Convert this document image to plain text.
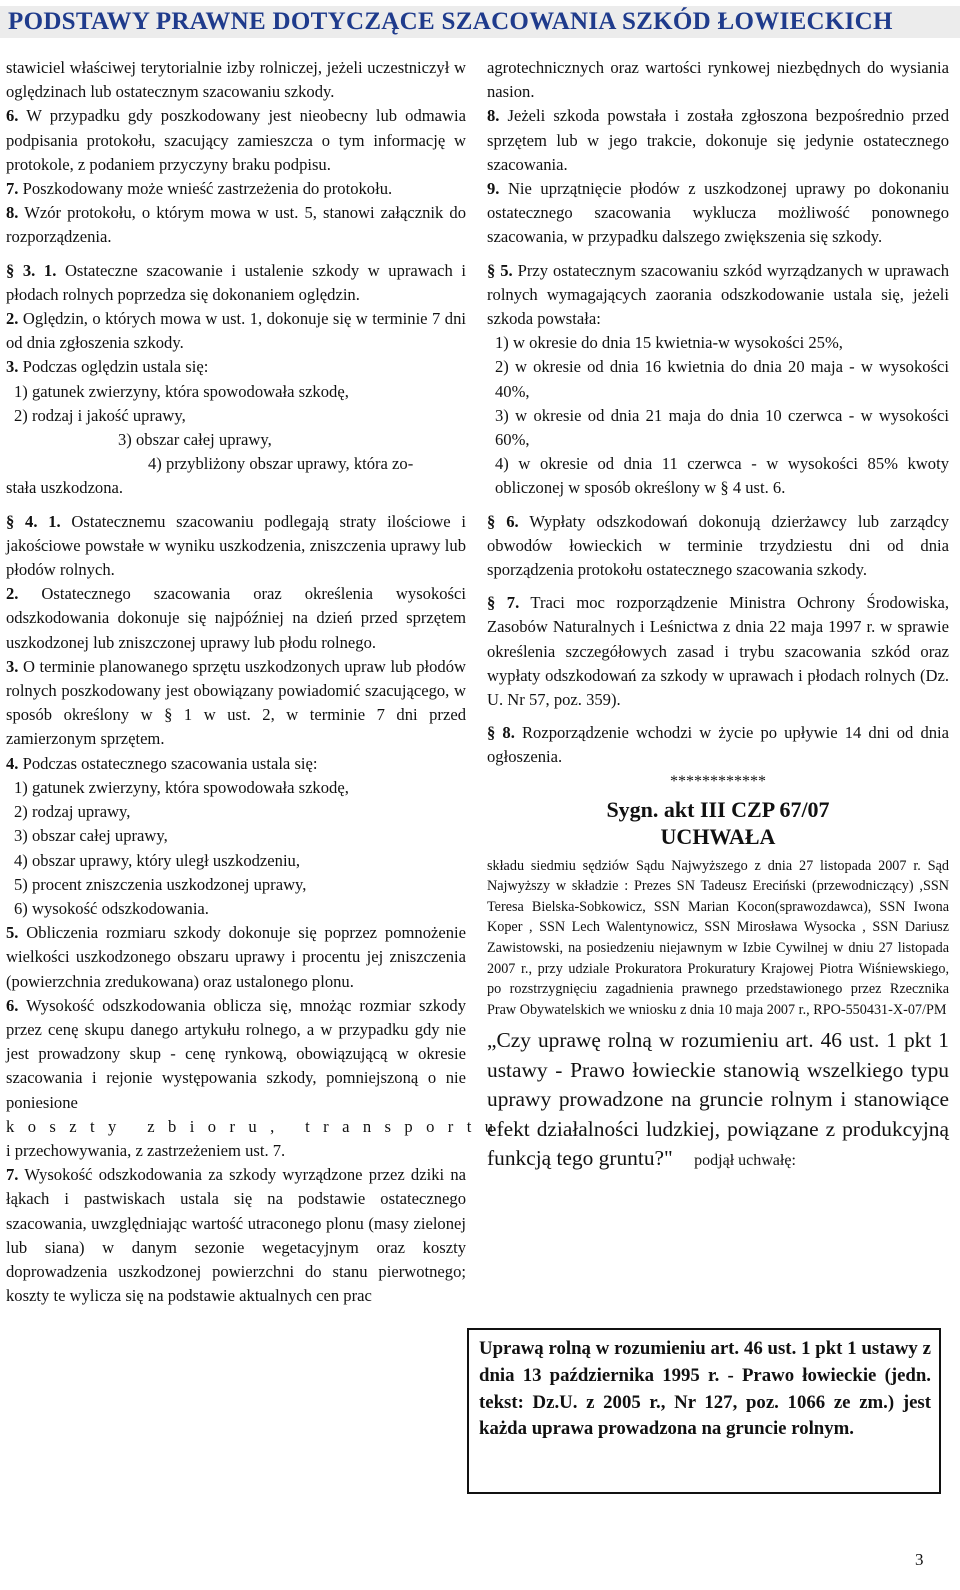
PODSTAWY PRAWNE DOTYCZĄCE SZACOWANIA SZKÓD ŁOWIECKICH

stawiciel właściwej terytorialnie izby rolniczej, jeżeli uczestniczył w oględzinach lub ostatecznym szacowaniu szkody.

6. W przypadku gdy poszkodowany jest nieobecny lub odmawia podpisania protokołu, szacujący zamieszcza o tym informację w protokole, z podaniem przyczyny braku podpisu.

7. Poszkodowany może wnieść zastrzeżenia do protokołu.

8. Wzór protokołu, o którym mowa w ust. 5, stanowi załącznik do rozporządzenia.

§ 3. 1. Ostateczne szacowanie i ustalenie szkody w uprawach i płodach rolnych poprzedza się dokonaniem oględzin.

2. Oględzin, o których mowa w ust. 1, dokonuje się w terminie 7 dni od dnia zgłoszenia szkody.

3. Podczas oględzin ustala się:

1) gatunek zwierzyny, która spowodowała szkodę,

2) rodzaj i jakość uprawy,

3) obszar całej uprawy,

4) przybliżony obszar uprawy, która zo-

stała uszkodzona.

§ 4. 1. Ostatecznemu szacowaniu podlegają straty ilościowe i jakościowe powstałe w wyniku uszkodzenia, zniszczenia uprawy lub płodów rolnych.

2. Ostatecznego szacowania oraz określenia wysokości odszkodowania dokonuje się najpóźniej na dzień przed sprzętem uszkodzonej lub zniszczonej uprawy lub płodu rolnego.

3. O terminie planowanego sprzętu uszkodzonych upraw lub płodów rolnych poszkodowany jest obowiązany powiadomić szacującego, w sposób określony w § 1 w ust. 2, w terminie 7 dni przed zamierzonym sprzętem.

4. Podczas ostatecznego szacowania ustala się:

1) gatunek zwierzyny, która spowodowała szkodę,

2) rodzaj uprawy,

3) obszar całej uprawy,

4) obszar uprawy, który uległ uszkodzeniu,

5) procent zniszczenia uszkodzonej uprawy,

6) wysokość odszkodowania.

5. Obliczenia rozmiaru szkody dokonuje się poprzez pomnożenie wielkości uszkodzonego obszaru uprawy i procentu jej zniszczenia (powierzchnia zredukowana) oraz ustalonego plonu.

6. Wysokość odszkodowania oblicza się, mnożąc rozmiar szkody przez cenę skupu danego artykułu rolnego, a w przypadku gdy nie jest prowadzony skup - cenę rynkową, obowiązującą w okresie szacowania i rejonie występowania szkody, pomniejszoną o nie poniesione

koszty zbioru, transportu

i przechowywania, z zastrzeżeniem ust. 7.

7. Wysokość odszkodowania za szkody wyrządzone przez dziki na łąkach i pastwiskach ustala się na podstawie ostatecznego szacowania, uwzględniając wartość utraconego plonu (masy zielonej lub siana) w danym sezonie wegetacyjnym oraz koszty doprowadzenia uszkodzonej powierzchni do stanu pierwotnego; koszty te wylicza się na podstawie aktualnych cen prac

agrotechnicznych oraz wartości rynkowej niezbędnych do wysiania nasion.

8. Jeżeli szkoda powstała i została zgłoszona bezpośrednio przed sprzętem lub w jego trakcie, dokonuje się jedynie ostatecznego szacowania.

9. Nie uprzątnięcie płodów z uszkodzonej uprawy po dokonaniu ostatecznego szacowania wyklucza możliwość ponownego szacowania, w przypadku dalszego zwiększenia się szkody.

§ 5. Przy ostatecznym szacowaniu szkód wyrządzanych w uprawach rolnych wymagających zaorania odszkodowanie ustala się, jeżeli szkoda powstała:

1) w okresie do dnia 15 kwietnia-w wysokości 25%,

2) w okresie od dnia 16 kwietnia do dnia 20 maja - w wysokości 40%,

3) w okresie od dnia 21 maja do dnia 10 czerwca - w wysokości 60%,

4) w okresie od dnia 11 czerwca - w wysokości 85% kwoty obliczonej w sposób określony w § 4 ust. 6.

§ 6. Wypłaty odszkodowań dokonują dzierżawcy lub zarządcy obwodów łowieckich w terminie trzydziestu dni od dnia sporządzenia protokołu ostatecznego szacowania szkody.

§ 7. Traci moc rozporządzenie Ministra Ochrony Środowiska, Zasobów Naturalnych i Leśnictwa z dnia 22 maja 1997 r. w sprawie określenia szczegółowych zasad i trybu szacowania szkód oraz wypłaty odszkodowań za szkody w uprawach i płodach rolnych (Dz. U. Nr 57, poz. 359).

§ 8. Rozporządzenie wchodzi w życie po upływie 14 dni od dnia ogłoszenia.

************

Sygn. akt III CZP 67/07

UCHWAŁA

składu siedmiu sędziów Sądu Najwyższego z dnia 27 listopada 2007 r. Sąd Najwyższy w składzie : Prezes SN Tadeusz Ereciński (przewodniczący) ,SSN Teresa Bielska-Sobkowicz, SSN Marian Kocon(sprawozdawca), SSN Iwona Koper , SSN Lech Walentynowicz, SSN Mirosława Wysocka , SSN Dariusz Zawistowski, na posiedzeniu niejawnym w Izbie Cywilnej w dniu 27 listopada 2007 r., przy udziale Prokuratora Prokuratury Krajowej Piotra Wiśniewskiego, po rozstrzygnięciu zagadnienia prawnego przedstawionego przez Rzecznika Praw Obywatelskich we wniosku z dnia 10 maja 2007 r., RPO-550431-X-07/PM

„Czy uprawę rolną w rozumieniu art. 46 ust. 1 pkt 1 ustawy - Prawo łowieckie stanowią wszelkiego typu uprawy prowadzone na gruncie rolnym i stanowiące efekt działalności ludzkiej, powiązane z produkcyjną funkcją tego gruntu?" podjął uchwałę:

Uprawą rolną w rozumieniu art. 46 ust. 1 pkt 1 ustawy z dnia 13 października 1995 r. - Prawo łowieckie (jedn. tekst: Dz.U. z 2005 r., Nr 127, poz. 1066 ze zm.) jest każda uprawa prowadzona na gruncie rolnym.

3
